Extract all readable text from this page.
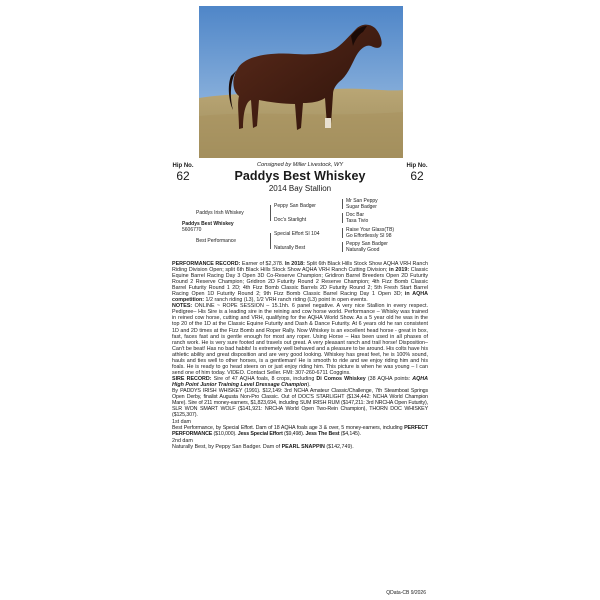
Hip No.
62
Consigned by Miller Livestock, WY	Hip No.
62
Paddys Best Whiskey
2014 Bay Stallion
Paddys Irish Whiskey
Paddys Best Whiskey
5606770
Best Performance
Peppy San Badger
Doc's Starlight
Special Effort SI 104
Naturally Best
Mr San Peppy
Sugar Badger
Doc Bar
Tasa Tivio
Raise Your Glass(TB)
Go Effortlessly SI 98
Peppy San Badger
Naturally Good

PERFORMANCE RECORD: Earner of $2,378. In 2018: Split 6th Black Hills Stock Show AQHA VRH Ranch Riding Division Open; split 6th Black Hills Stock Show AQHA VRH Ranch Cutting Division; in 2019: Classic Equine Barrel Racing Day 3 Open 3D Co-Reserve Champion; Gridiron Barrel Breeders Open 2D Futurity Round 2 Reserve Champion; Gridiron 2D Futurity Round 2 Reserve Champion; 4th Fizz Bomb Classic Barrel Futurity Round 1 2D; 4th Fizz Bomb Classic Barrels 2D Futurity Round 2; 5th Fresh Start Barrel Racing Open 1D Futurity Round 2; 9th Fizz Bomb Classic Barrel Racing Day 1 Open 3D; in AQHA competition: 1/2 ranch riding (L3), 1/2 VRH ranch riding (L3) point in open events.

NOTES: ONLINE ~ ROPE SESSION – 15.1hh. 6 panel negative. A very nice Stallion in every respect. Pedigree– His Sire is a leading sire in the reining and cow horse world. Performance – Whisky was trained in reined cow horse, cutting and VRH, qualifying for the AQHA World Show. As a 5 year old he was in the top 20 of the 1D at the Classic Equine Futurity and Dash & Dance Futurity. At 6 years old he ran consistent 1D and 2D times at the Fizz Bomb and Roper Rally. Now Whiskey is an excellent head horse - great in box, fast, faces fast and is gentle enough for most any roper. Using Horse – Has been used in all phases of ranch work. He is very sure footed and travels out great. A very pleasant ranch and trail horse! Disposition– Can't be beat! Has no bad habits! Is extremely well behaved and a pleasure to be around. His colts have his athletic ability and great disposition and are very good looking. Whiskey has great feet, he is 100% sound, hauls and ties well to other horses, is a gentleman! He is smooth to ride and we enjoy riding him and his foals. He is ready to go head steers on or just enjoy riding him. This picture is when he was young – I can send one of him today. VIDEO. Contact Seller. FMI: 307-260-6711 Coggins.

SIRE RECORD: Sire of 47 AQHA foals, 8 crops, including Di Comos Whiskey (38 AQHA points: AQHA High Point Junior Training Level Dressage Champion).

By PADDYS IRISH WHISKEY (1991). $12,149: 3rd NCHA Amateur Classic/Challenge, 7th Steamboat Springs Open Derby, finalist Augusta Non-Pro Classic. Out of DOC'S STARLIGHT ($134,442: NCHA World Champion Mare). Sire of 211 money-earners, $1,823,694, including SUM IRISH RUM ($147,211: 3rd NRCHA Open Futurity), SLR WON SMART WOLF ($141,921: NRCHA World Open Two-Rein Champion), THORN DOC WHISKEY ($125,307).

1st dam

Best Performance, by Special Effort. Dam of 18 AQHA foals age 3 & over, 5 money-earners, including PERFECT PERFORMANCE ($10,000). Jess Special Effort ($9,498). Jess The Best ($4,145).

2nd dam

Naturally Best, by Peppy San Badger. Dam of PEARL SNAPPIN ($142,749).

QData-CB 9/2026
